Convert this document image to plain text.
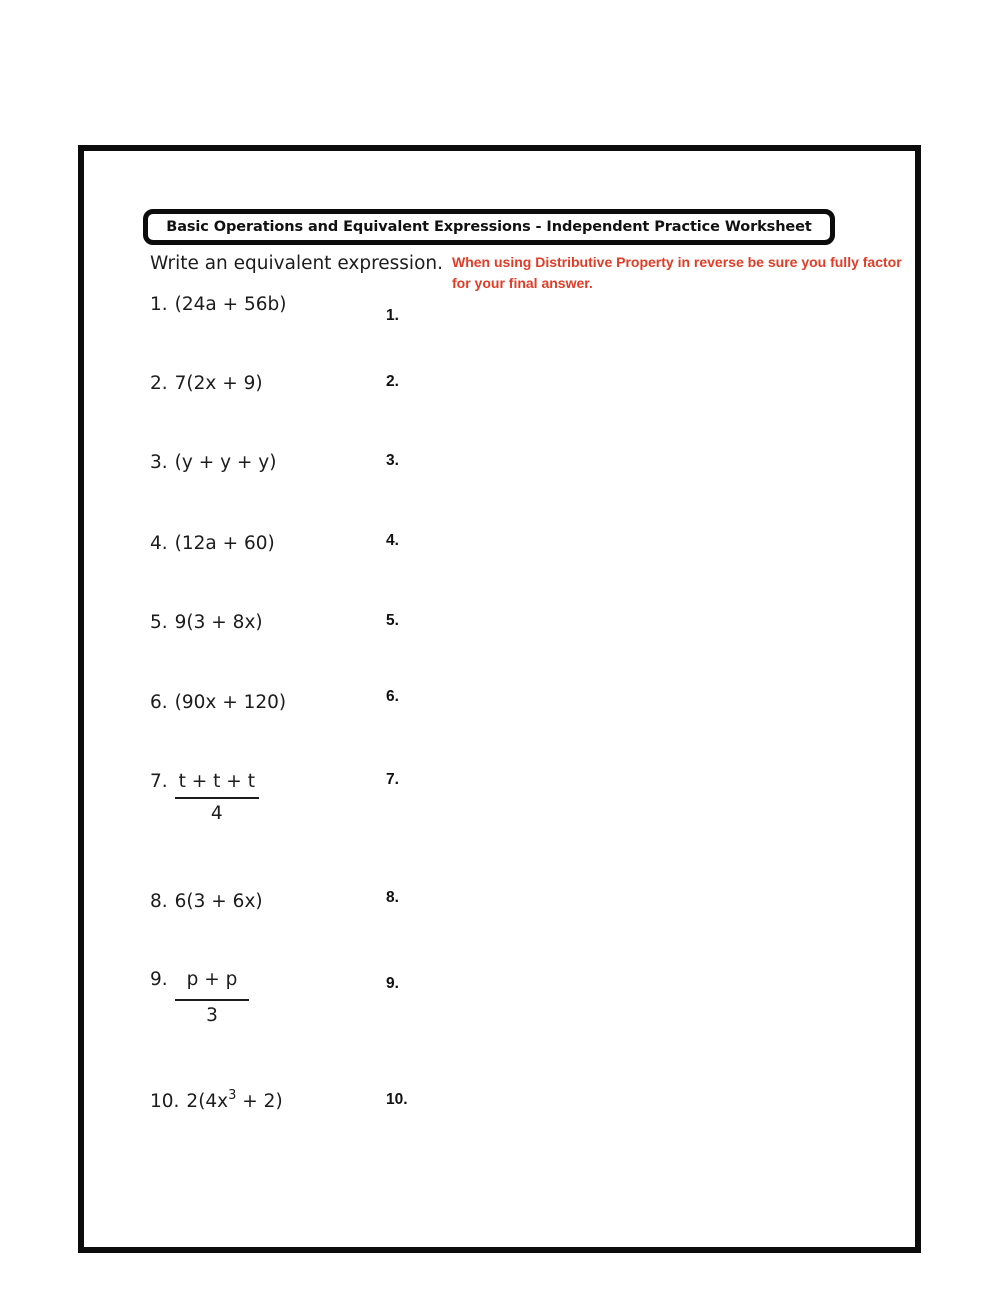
Basic Operations and Equivalent Expressions - Independent Practice Worksheet
Write an equivalent expression. When using Distributive Property in reverse be sure you fully factor for your final answer.
1. (24a + 56b)
2. 7(2x + 9)
3. (y + y + y)
4. (12a + 60)
5. 9(3 + 8x)
6. (90x + 120)
7. $\frac{t + t + t}{4}$
8. 6(3 + 6x)
9. $\frac{p + p}{3}$
10. $2(4x^3 + 2)$
1.
2.
3.
4.
5.
6.
7.
8.
9.
10.
